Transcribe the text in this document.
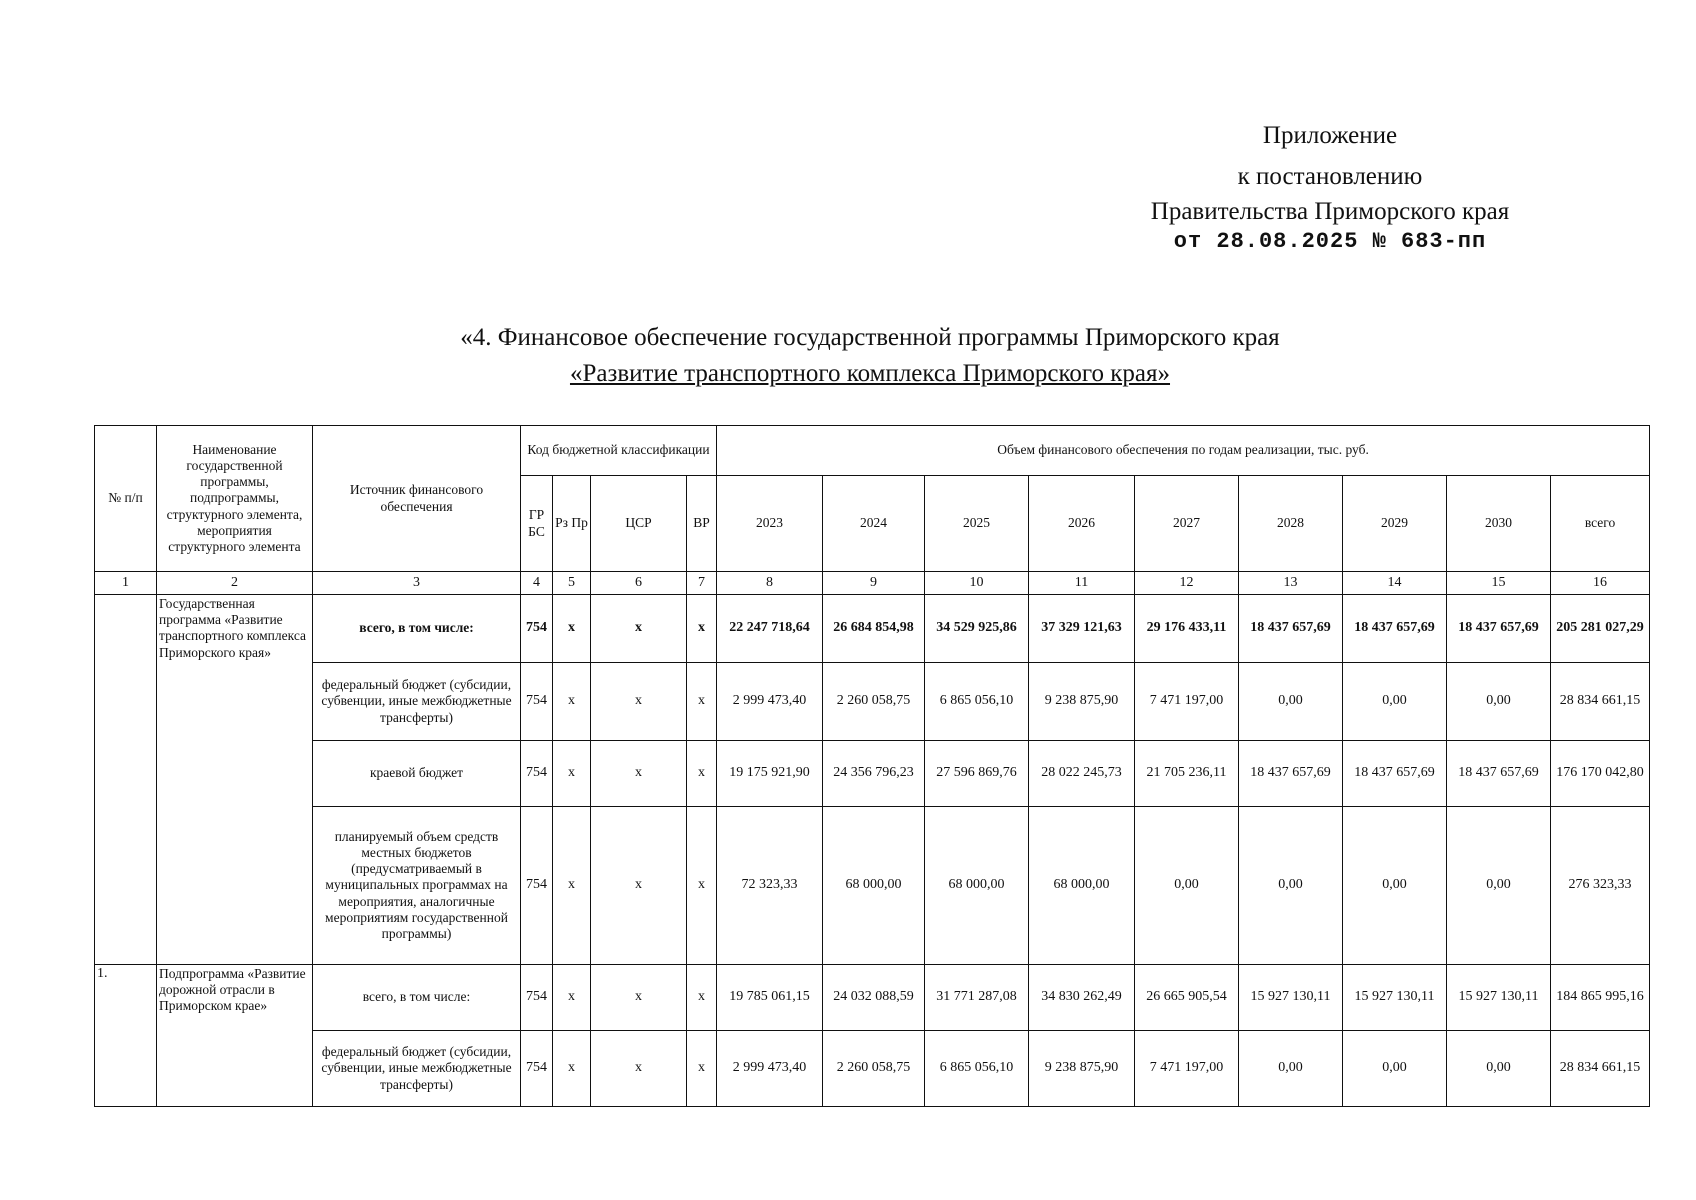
Приложение
к постановлению
Правительства Приморского края
от 28.08.2025 № 683-пп
«4. Финансовое обеспечение государственной программы Приморского края
«Развитие транспортного комплекса Приморского края»
№ п/п	Наименование государственной программы, подпрограммы, структурного элемента, мероприятия структурного элемента	Источник финансового обеспечения	Код бюджетной классификации				Объем финансового обеспечения по годам реализации, тыс. руб.								
			ГР БС	Рз Пр	ЦСР	ВР	2023	2024	2025	2026	2027	2028	2029	2030	всего
1	2	3	4	5	6	7	8	9	10	11	12	13	14	15	16
	Государственная программа «Развитие транспортного комплекса Приморского края»	всего, в том числе:	754	x	x	x	22 247 718,64	26 684 854,98	34 529 925,86	37 329 121,63	29 176 433,11	18 437 657,69	18 437 657,69	18 437 657,69	205 281 027,29
		федеральный бюджет (субсидии, субвенции, иные межбюджетные трансферты)	754	x	x	x	2 999 473,40	2 260 058,75	6 865 056,10	9 238 875,90	7 471 197,00	0,00	0,00	0,00	28 834 661,15
		краевой бюджет	754	x	x	x	19 175 921,90	24 356 796,23	27 596 869,76	28 022 245,73	21 705 236,11	18 437 657,69	18 437 657,69	18 437 657,69	176 170 042,80
		планируемый объем средств местных бюджетов (предусматриваемый в муниципальных программах на мероприятия, аналогичные мероприятиям государственной программы)	754	x	x	x	72 323,33	68 000,00	68 000,00	68 000,00	0,00	0,00	0,00	0,00	276 323,33
1.	Подпрограмма «Развитие дорожной отрасли в Приморском крае»	всего, в том числе:	754	x	x	x	19 785 061,15	24 032 088,59	31 771 287,08	34 830 262,49	26 665 905,54	15 927 130,11	15 927 130,11	15 927 130,11	184 865 995,16
		федеральный бюджет (субсидии, субвенции, иные межбюджетные трансферты)	754	x	x	x	2 999 473,40	2 260 058,75	6 865 056,10	9 238 875,90	7 471 197,00	0,00	0,00	0,00	28 834 661,15
